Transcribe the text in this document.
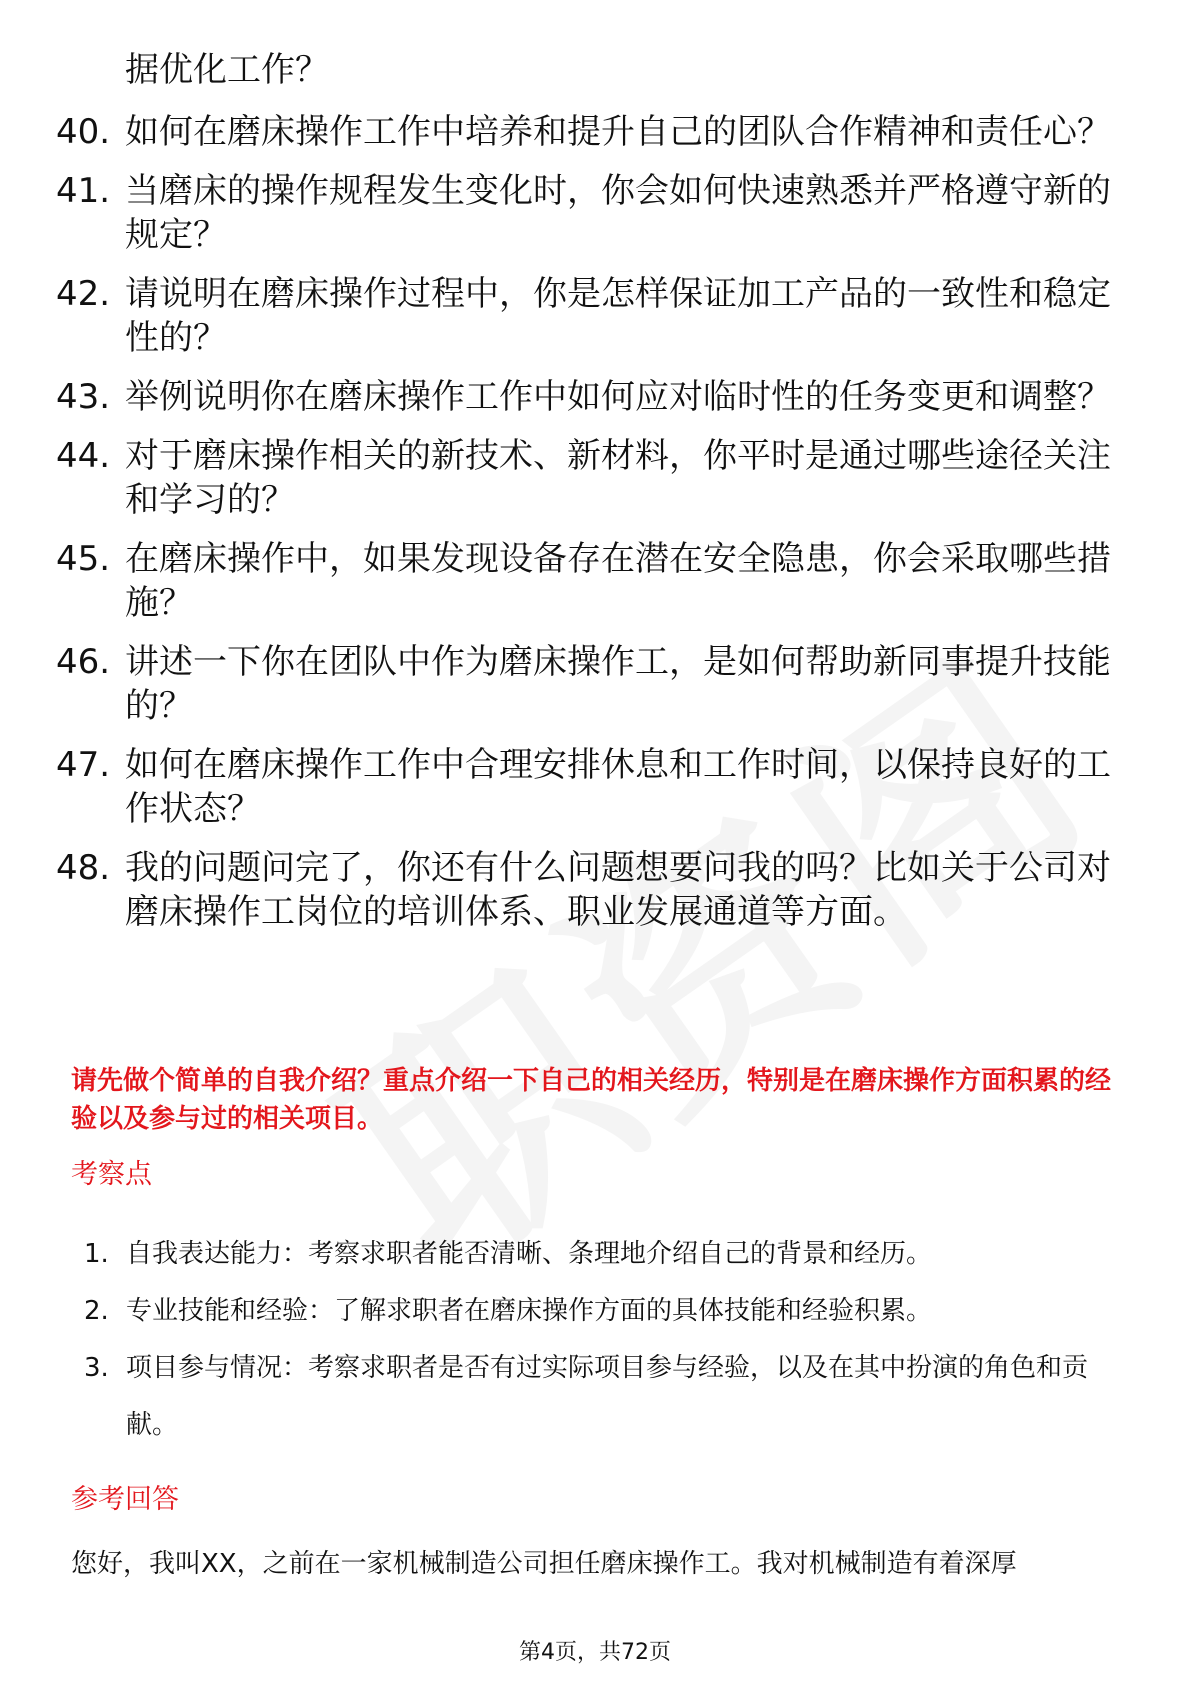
据优化工作？
40. 如何在磨床操作工作中培养和提升自己的团队合作精神和责任心？
41. 当磨床的操作规程发生变化时，你会如何快速熟悉并严格遵守新的规定？
42. 请说明在磨床操作过程中，你是怎样保证加工产品的一致性和稳定性的？
43. 举例说明你在磨床操作工作中如何应对临时性的任务变更和调整？
44. 对于磨床操作相关的新技术、新材料，你平时是通过哪些途径关注和学习的？
45. 在磨床操作中，如果发现设备存在潜在安全隐患，你会采取哪些措施？
46. 讲述一下你在团队中作为磨床操作工，是如何帮助新同事提升技能的？
47. 如何在磨床操作工作中合理安排休息和工作时间，以保持良好的工作状态？
48. 我的问题问完了，你还有什么问题想要问我的吗？比如关于公司对磨床操作工岗位的培训体系、职业发展通道等方面。
请先做个简单的自我介绍？重点介绍一下自己的相关经历，特别是在磨床操作方面积累的经验以及参与过的相关项目。
考察点
1. 自我表达能力：考察求职者能否清晰、条理地介绍自己的背景和经历。
2. 专业技能和经验：了解求职者在磨床操作方面的具体技能和经验积累。
3. 项目参与情况：考察求职者是否有过实际项目参与经验，以及在其中扮演的角色和贡献。
参考回答
您好，我叫XX，之前在一家机械制造公司担任磨床操作工。我对机械制造有着深厚
第4页，共72页
